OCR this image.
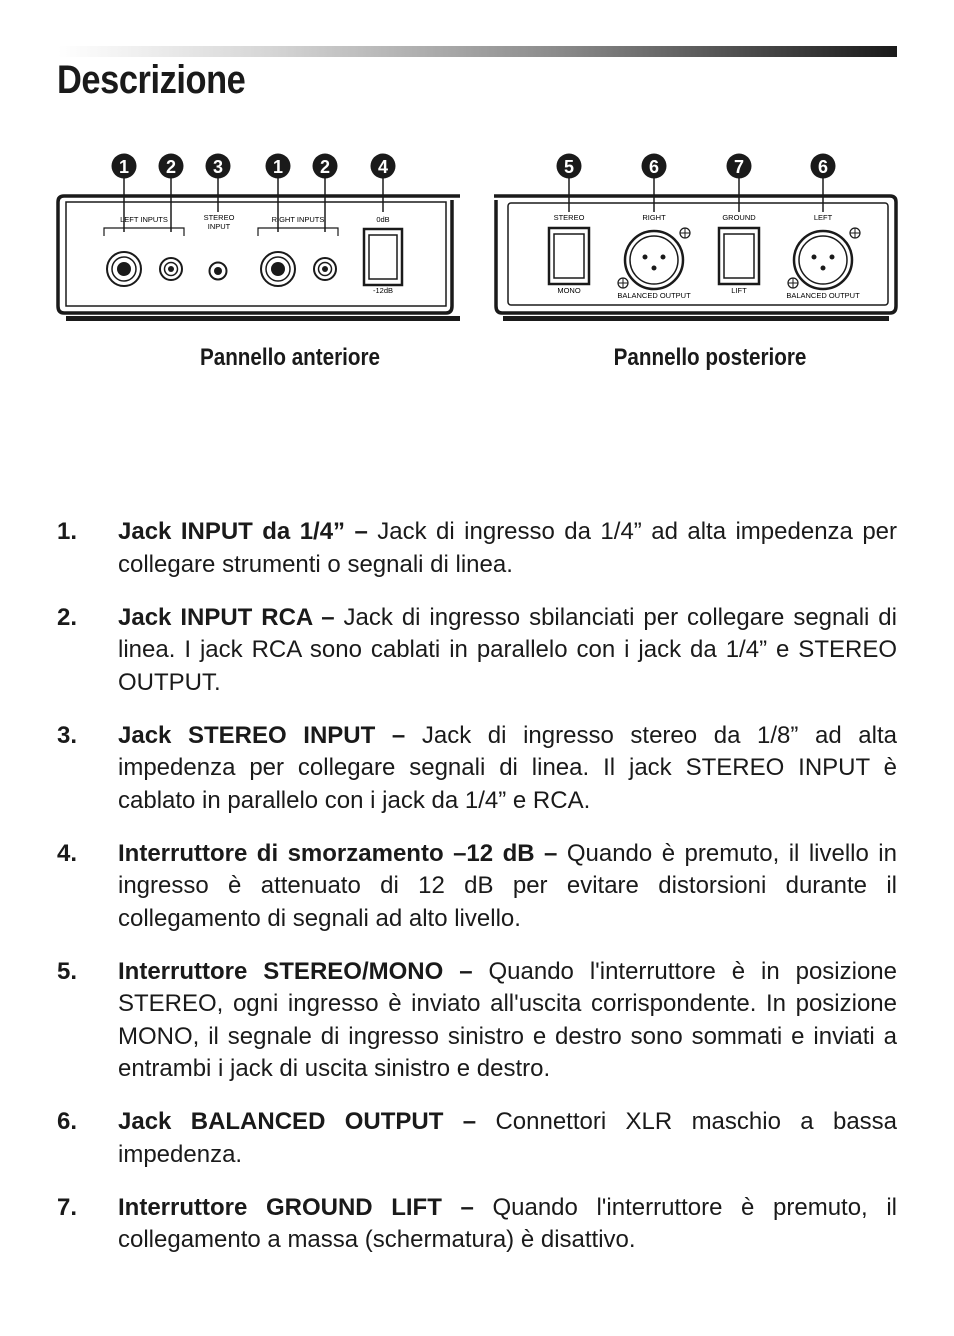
Descrizione
1 2 3	1 2	4
LEFT INPUTS	STEREO
INPUT
RIGHT INPUTS	0dB
-12dB
5	6	7	6
STEREO
MONO
RIGHT
BALANCED OUTPUT
GROUND
LIFT
LEFT
BALANCED OUTPUT
Pannello anteriore	Pannello posteriore
1. Jack INPUT da 1/4” – Jack di ingresso da 1/4” ad alta impedenza per collegare strumenti o segnali di linea.
2. Jack INPUT RCA – Jack di ingresso sbilanciati per collegare segnali di linea. I jack RCA sono cablati in parallelo con i jack da 1/4” e STEREO OUTPUT.
3. Jack STEREO INPUT – Jack di ingresso stereo da 1/8” ad alta impedenza per collegare segnali di linea. Il jack STEREO INPUT è cablato in parallelo con i jack da 1/4” e RCA.
4. Interruttore di smorzamento –12 dB – Quando è premuto, il livello in ingresso è attenuato di 12 dB per evitare distorsioni durante il collegamento di segnali ad alto livello.
5. Interruttore STEREO/MONO – Quando l'interruttore è in posizione STEREO, ogni ingresso è inviato all'uscita corrispondente. In posizione MONO, il segnale di ingresso sinistro e destro sono sommati e inviati a entrambi i jack di uscita sinistro e destro.
6. Jack BALANCED OUTPUT – Connettori XLR maschio a bassa impedenza.
7. Interruttore GROUND LIFT – Quando l'interruttore è premuto, il collegamento a massa (schermatura) è disattivo.
